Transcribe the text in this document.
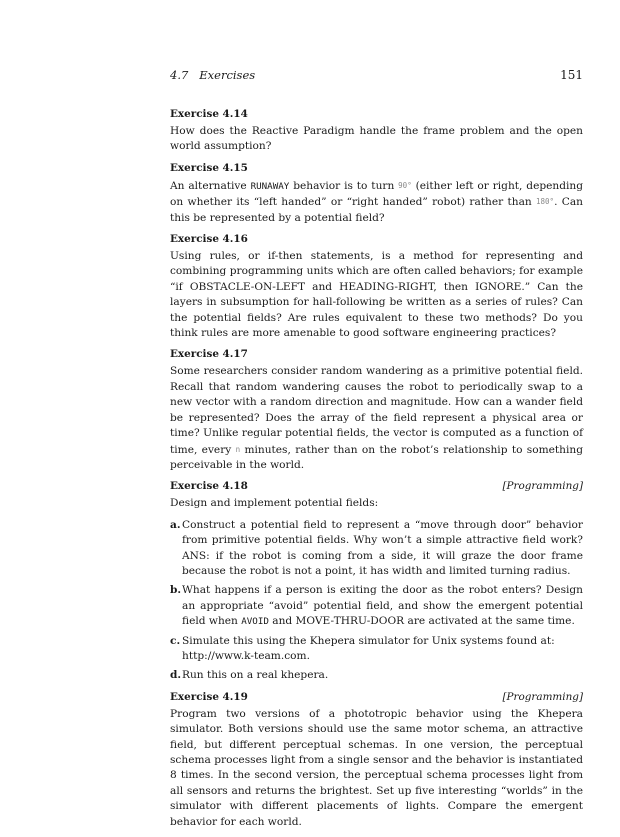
4.7   Exercises	151
Exercise 4.14

How does the Reactive Paradigm handle the frame problem and the open world assumption?

Exercise 4.15

An alternative RUNAWAY behavior is to turn 90° (either left or right, depending on whether its “left handed” or “right handed” robot) rather than 180°. Can this be represented by a potential field?

Exercise 4.16

Using rules, or if-then statements, is a method for representing and combining programming units which are often called behaviors; for example “if OBSTACLE-ON-LEFT and HEADING-RIGHT, then IGNORE.” Can the layers in subsumption for hall-following be written as a series of rules? Can the potential fields? Are rules equivalent to these two methods? Do you think rules are more amenable to good software engineering practices?

Exercise 4.17

Some researchers consider random wandering as a primitive potential field. Recall that random wandering causes the robot to periodically swap to a new vector with a random direction and magnitude. How can a wander field be represented? Does the array of the field represent a physical area or time? Unlike regular potential fields, the vector is computed as a function of time, every n minutes, rather than on the robot’s relationship to something perceivable in the world.

Exercise 4.18	[Programming]

Design and implement potential fields:

a. Construct a potential field to represent a “move through door” behavior from primitive potential fields. Why won’t a simple attractive field work? ANS: if the robot is coming from a side, it will graze the door frame because the robot is not a point, it has width and limited turning radius.
b. What happens if a person is exiting the door as the robot enters? Design an appropriate “avoid” potential field, and show the emergent potential field when AVOID and MOVE-THRU-DOOR are activated at the same time.
c. Simulate this using the Khepera simulator for Unix systems found at:
http://www.k-team.com.
d. Run this on a real khepera.
Exercise 4.19	[Programming]

Program two versions of a phototropic behavior using the Khepera simulator. Both versions should use the same motor schema, an attractive field, but different perceptual schemas. In one version, the perceptual schema processes light from a single sensor and the behavior is instantiated 8 times. In the second version, the perceptual schema processes light from all sensors and returns the brightest. Set up five interesting “worlds” in the simulator with different placements of lights. Compare the emergent behavior for each world.
